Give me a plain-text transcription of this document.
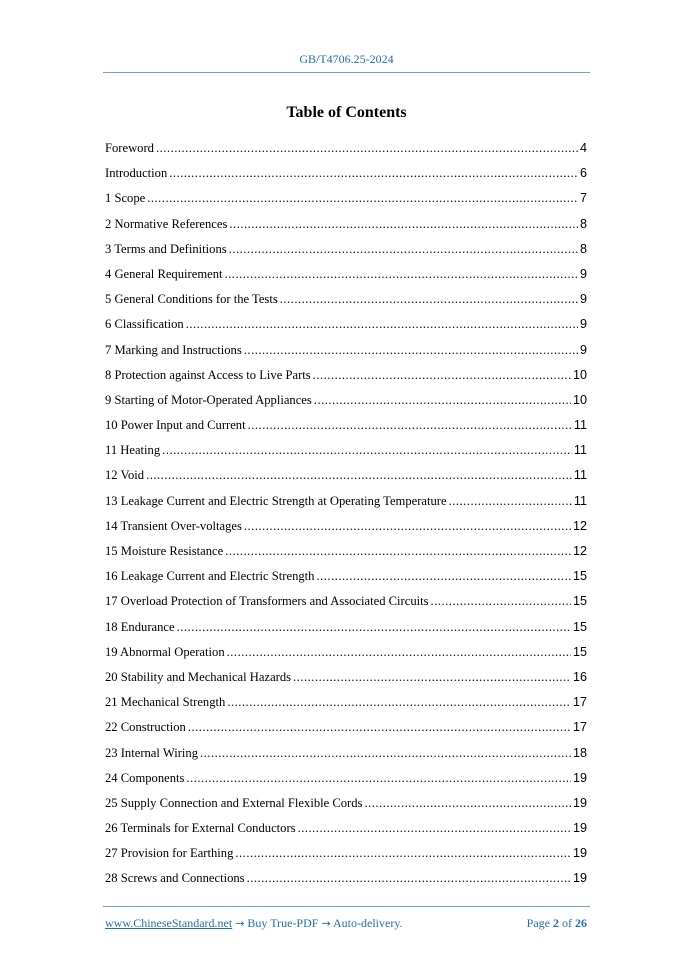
GB/T4706.25-2024
Table of Contents
Foreword .....	4
Introduction .....	6
1 Scope .....	7
2 Normative References .....	8
3 Terms and Definitions .....	8
4 General Requirement .....	9
5 General Conditions for the Tests .....	9
6 Classification .....	9
7 Marking and Instructions .....	9
8 Protection against Access to Live Parts .....	10
9 Starting of Motor-Operated Appliances .....	10
10 Power Input and Current .....	11
11 Heating .....	11
12 Void .....	11
13 Leakage Current and Electric Strength at Operating Temperature .....	11
14 Transient Over-voltages .....	12
15 Moisture Resistance .....	12
16 Leakage Current and Electric Strength .....	15
17 Overload Protection of Transformers and Associated Circuits .....	15
18 Endurance .....	15
19 Abnormal Operation .....	15
20 Stability and Mechanical Hazards .....	16
21 Mechanical Strength .....	17
22 Construction .....	17
23 Internal Wiring .....	18
24 Components .....	19
25 Supply Connection and External Flexible Cords .....	19
26 Terminals for External Conductors .....	19
27 Provision for Earthing .....	19
28 Screws and Connections .....	19
www.ChineseStandard.net → Buy True-PDF → Auto-delivery.	Page 2 of 26
